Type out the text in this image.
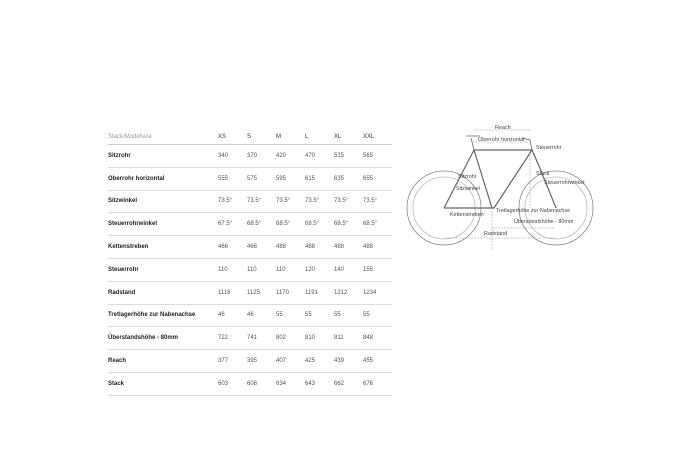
Stack/Modelsize	XS	S	M	L	XL	XXL
Sitzrohr	340	370	420	470	515	565
Oberrohr horizontal	555	575	595	615	635	655
Sitzwinkel	73.5°	73.5°	73.5°	73.5°	73.5°	73.5°
Steuerrohrwinkel	67.5°	68.5°	68.5°	68.5°	68.5°	68.5°
Kettenstreben	466	466	488	488	488	488
Steuerrohr	110	110	110	120	140	155
Radstand	1116	1125	1170	1191	1212	1234
Tretlagerhöhe zur Nabenachse	46	46	55	55	55	55
Überstandshöhe - 80mm	722	741	802	810	811	848
Reach	377	395	407	425	439	455
Stack	603	608	634	643	662	676
Reach
Oberrohr horizontal
Steuerrohr
Sitzrohr
Sitzwinkel
Steuerrohrwinkel
Stack
Kettenstreben
Tretlagerhöhe zur Nabenachse
Überstandshöhe - 80mm
Radstand
